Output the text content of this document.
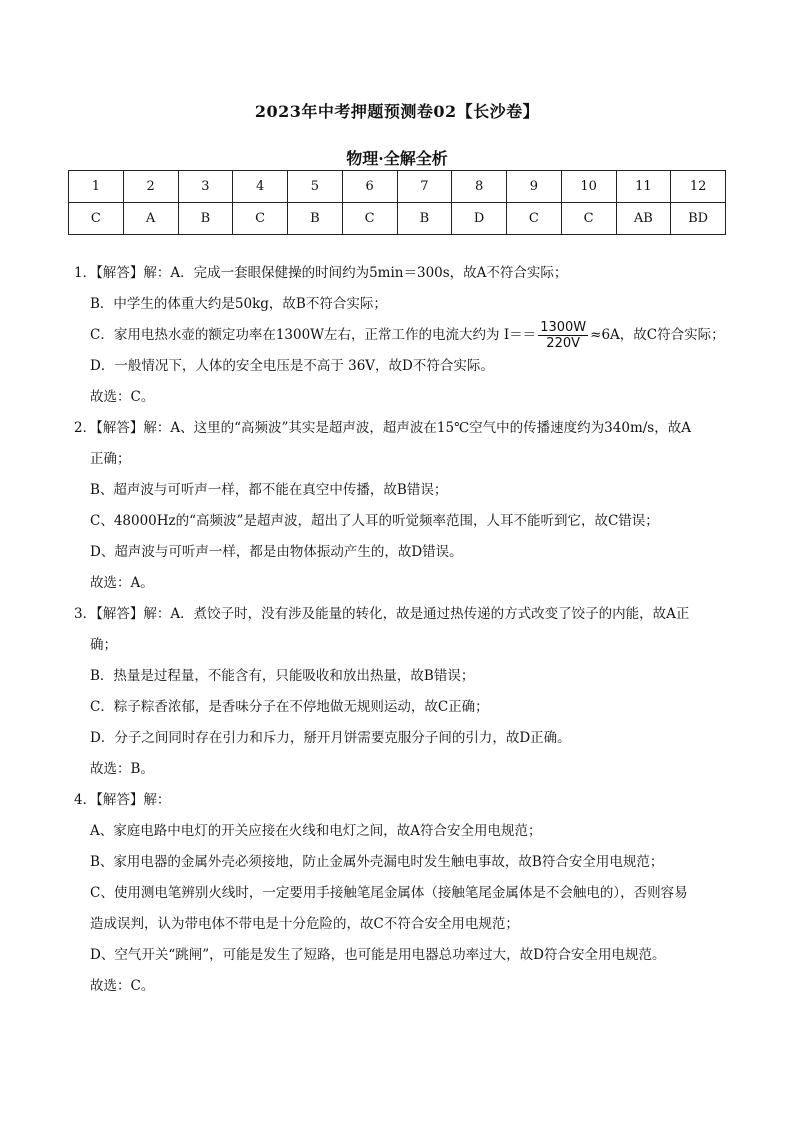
2023年中考押题预测卷02【长沙卷】
物理·全解全析
1	2	3	4	5	6	7	8	9	10	11	12
C	A	B	C	B	C	B	D	C	C	AB	BD
1．【解答】解：A．完成一套眼保健操的时间约为5min＝300s，故A不符合实际；
B．中学生的体重大约是50kg，故B不符合实际；
C．家用电热水壶的额定功率在1300W左右，正常工作的电流大约为 $I== \frac{1300W}{220V} \approx 6A$，故C符合实际；
D．一般情况下，人体的安全电压是不高于 36V，故D不符合实际。
故选：C。
2．【解答】解：A、这里的“高频波”其实是超声波，超声波在15℃空气中的传播速度约为340m/s，故A
正确；
B、超声波与可听声一样，都不能在真空中传播，故B错误；
C、48000Hz的“高频波”是超声波，超出了人耳的听觉频率范围，人耳不能听到它，故C错误；
D、超声波与可听声一样，都是由物体振动产生的，故D错误。
故选：A。
3．【解答】解：A．煮饺子时，没有涉及能量的转化，故是通过热传递的方式改变了饺子的内能，故A正
确；
B．热量是过程量，不能含有，只能吸收和放出热量，故B错误；
C．粽子粽香浓郁，是香味分子在不停地做无规则运动，故C正确；
D．分子之间同时存在引力和斥力，掰开月饼需要克服分子间的引力，故D正确。
故选：B。
4．【解答】解：
A、家庭电路中电灯的开关应接在火线和电灯之间，故A符合安全用电规范；
B、家用电器的金属外壳必须接地，防止金属外壳漏电时发生触电事故，故B符合安全用电规范；
C、使用测电笔辨别火线时，一定要用手接触笔尾金属体（接触笔尾金属体是不会触电的），否则容易
造成误判，认为带电体不带电是十分危险的，故C不符合安全用电规范；
D、空气开关“跳闸”，可能是发生了短路，也可能是用电器总功率过大，故D符合安全用电规范。
故选：C。
